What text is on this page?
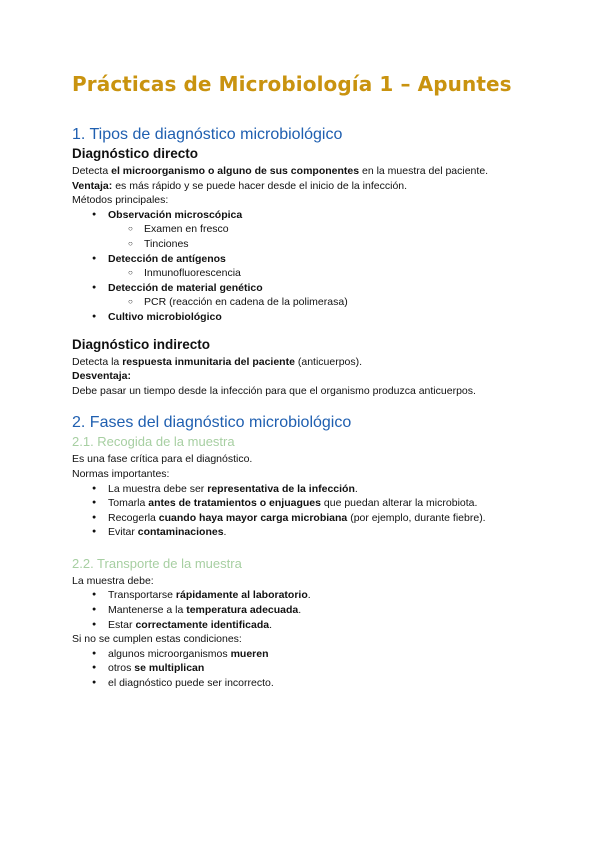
Prácticas de Microbiología 1 – Apuntes
1. Tipos de diagnóstico microbiológico
Diagnóstico directo

Detecta el microorganismo o alguno de sus componentes en la muestra del paciente.

Ventaja: es más rápido y se puede hacer desde el inicio de la infección.

Métodos principales:

● Observación microscópica
○ Examen en fresco
○ Tinciones
● Detección de antígenos
○ Inmunofluorescencia
● Detección de material genético
○ PCR (reacción en cadena de la polimerasa)
● Cultivo microbiológico
Diagnóstico indirecto

Detecta la respuesta inmunitaria del paciente (anticuerpos).

Desventaja:

Debe pasar un tiempo desde la infección para que el organismo produzca anticuerpos.

2. Fases del diagnóstico microbiológico
2.1. Recogida de la muestra

Es una fase crítica para el diagnóstico.

Normas importantes:

● La muestra debe ser representativa de la infección.
● Tomarla antes de tratamientos o enjuagues que puedan alterar la microbiota.
● Recogerla cuando haya mayor carga microbiana (por ejemplo, durante fiebre).
● Evitar contaminaciones.
2.2. Transporte de la muestra

La muestra debe:

● Transportarse rápidamente al laboratorio.
● Mantenerse a la temperatura adecuada.
● Estar correctamente identificada.

Si no se cumplen estas condiciones:

● algunos microorganismos mueren
● otros se multiplican
● el diagnóstico puede ser incorrecto.
